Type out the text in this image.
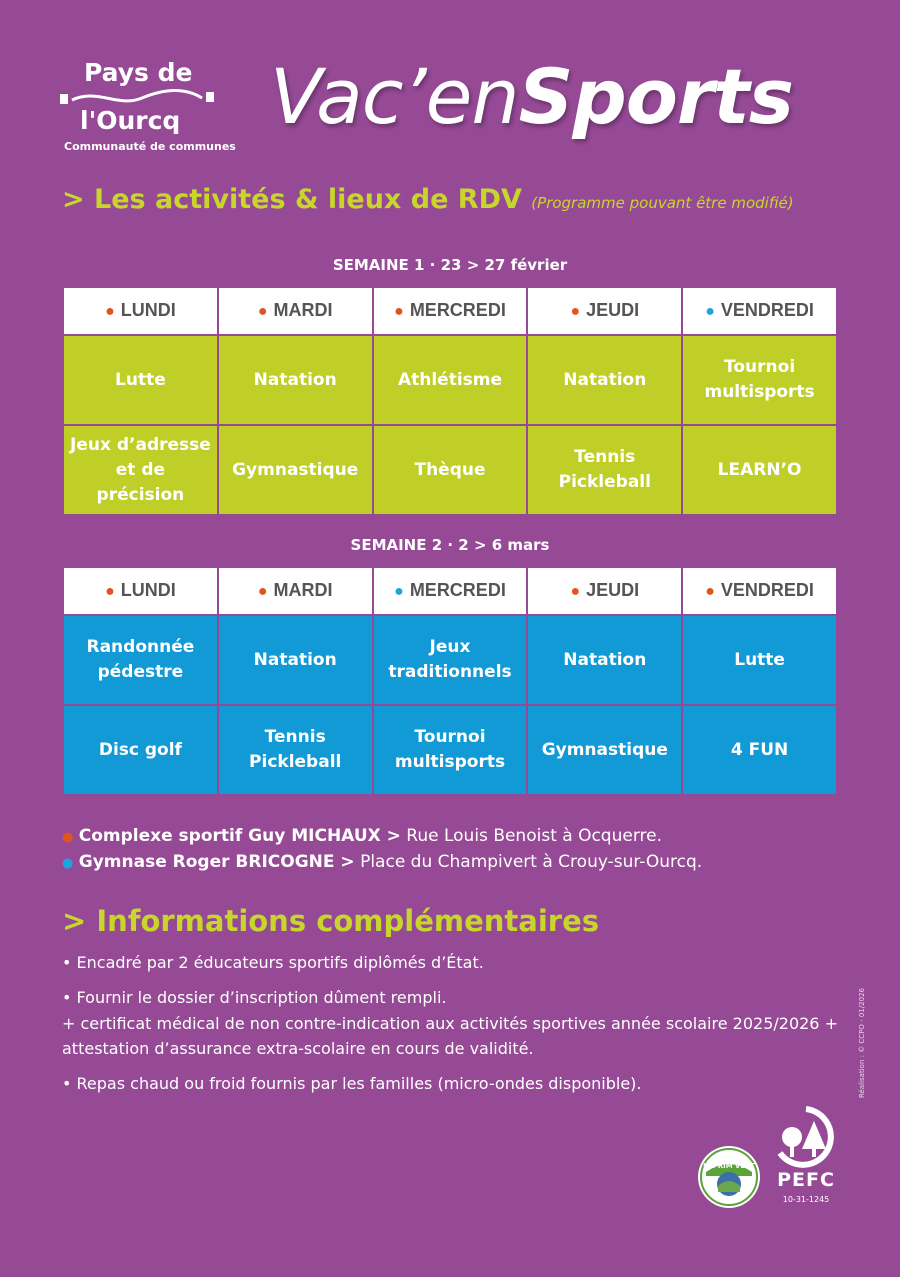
Pays de
l'Ourcq
Communauté de communes
Vac’enSports
> Les activités & lieux de RDV (Programme pouvant être modifié)
SEMAINE 1 · 23 > 27 février
● LUNDI	● MARDI	● MERCREDI	● JEUDI	● VENDREDI
Lutte	Natation	Athlétisme	Natation	Tournoi multisports
Jeux d’adresse et de précision	Gymnastique	Thèque	Tennis Pickleball	LEARN’O
SEMAINE 2 · 2 > 6 mars
● LUNDI	● MARDI	● MERCREDI	● JEUDI	● VENDREDI
Randonnée pédestre	Natation	Jeux traditionnels	Natation	Lutte
Disc golf	Tennis Pickleball	Tournoi multisports	Gymnastique	4 FUN
● Complexe sportif Guy MICHAUX > Rue Louis Benoist à Ocquerre.
● Gymnase Roger BRICOGNE > Place du Champivert à Crouy-sur-Ourcq.
> Informations complémentaires
• Encadré par 2 éducateurs sportifs diplômés d’État.
• Fournir le dossier d’inscription dûment rempli.
+ certificat médical de non contre-indication aux activités sportives année scolaire 2025/2026 + attestation d’assurance extra-scolaire en cours de validité.
• Repas chaud ou froid fournis par les familles (micro-ondes disponible).	Réalisation : © CCPO - 01/2026
IMPRIM'VERT
PEFC
10-31-1245
